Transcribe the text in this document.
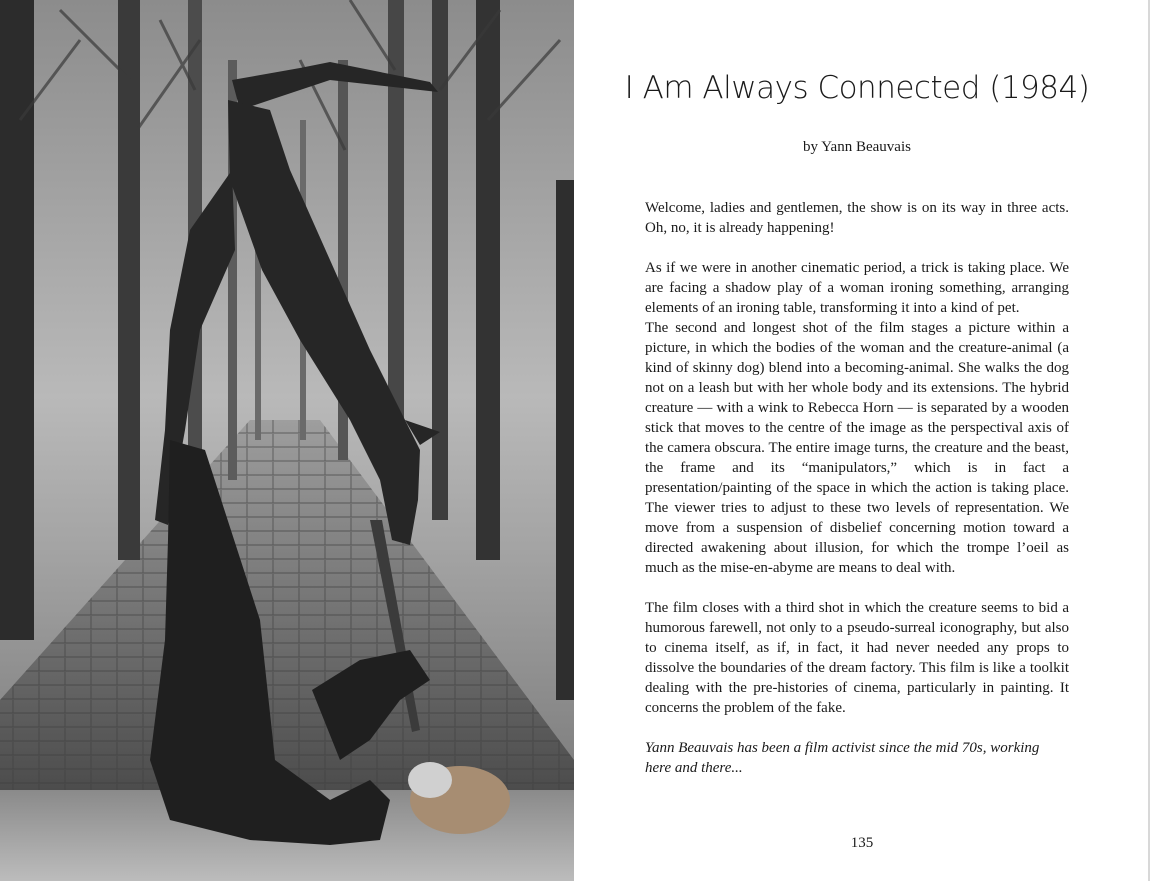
I Am Always Connected (1984)

by Yann Beauvais

Welcome, ladies and gentlemen, the show is on its way in three acts. Oh, no, it is already happening!

As if we were in another cinematic period, a trick is taking place. We are facing a shadow play of a woman ironing something, arranging elements of an ironing table, transforming it into a kind of pet.

The second and longest shot of the film stages a picture within a picture, in which the bodies of the woman and the creature-animal (a kind of skinny dog) blend into a becoming-animal. She walks the dog not on a leash but with her whole body and its extensions. The hybrid creature — with a wink to Rebecca Horn — is separated by a wooden stick that moves to the centre of the image as the perspectival axis of the camera obscura. The entire image turns, the creature and the beast, the frame and its “manipulators,” which is in fact a presentation/painting of the space in which the action is taking place. The viewer tries to adjust to these two levels of representation. We move from a suspension of disbelief concerning motion toward a directed awakening about illusion, for which the trompe l’oeil as much as the mise-en-abyme are means to deal with.

The film closes with a third shot in which the creature seems to bid a humorous farewell, not only to a pseudo-surreal iconography, but also to cinema itself, as if, in fact, it had never needed any props to dissolve the boundaries of the dream factory. This film is like a toolkit dealing with the pre-histories of cinema, particularly in painting. It concerns the problem of the fake.

Yann Beauvais has been a film activist since the mid 70s, working here and there...

135
